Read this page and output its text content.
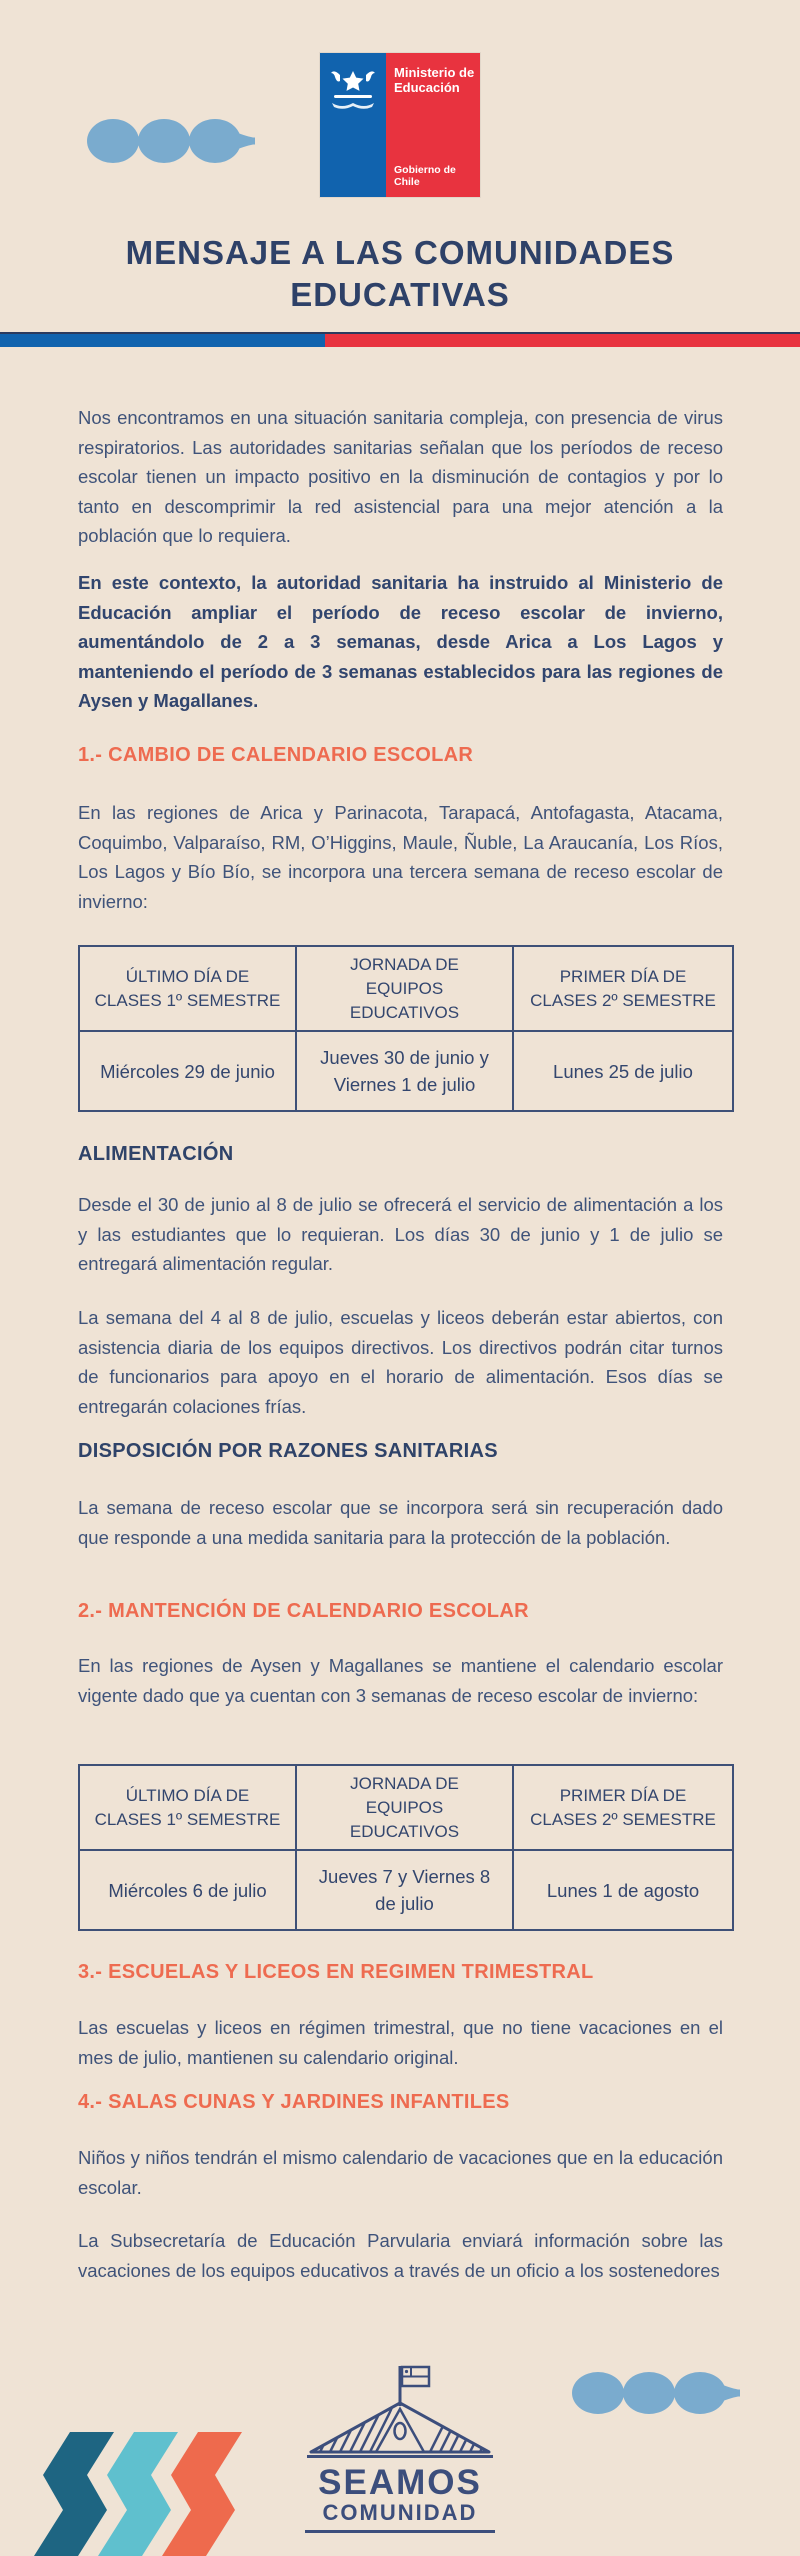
Ministerio de
Educación
Gobierno de Chile
MENSAJE A LAS COMUNIDADES
EDUCATIVAS

Nos encontramos en una situación sanitaria compleja, con presencia de virus respiratorios. Las autoridades sanitarias señalan que los períodos de receso escolar tienen un impacto positivo en la disminución de contagios y por lo tanto en descomprimir la red asistencial para una mejor atención a la población que lo requiera.

En este contexto, la autoridad sanitaria ha instruido al Ministerio de Educación ampliar el período de receso escolar de invierno, aumentándolo de 2 a 3 semanas, desde Arica a Los Lagos y manteniendo el período de 3 semanas establecidos para las regiones de Aysen y Magallanes.

1.- CAMBIO DE CALENDARIO ESCOLAR

En las regiones de Arica y Parinacota, Tarapacá, Antofagasta, Atacama, Coquimbo, Valparaíso, RM, O’Higgins, Maule, Ñuble, La Araucanía, Los Ríos, Los Lagos y Bío Bío, se incorpora una tercera semana de receso escolar de invierno:

ÚLTIMO DÍA DE CLASES 1º SEMESTRE	JORNADA DE EQUIPOS EDUCATIVOS	PRIMER DÍA DE CLASES 2º SEMESTRE
Miércoles 29 de junio	Jueves 30 de junio y Viernes 1 de julio	Lunes 25 de julio
ALIMENTACIÓN

Desde el 30 de junio al 8 de julio se ofrecerá el servicio de alimentación a los y las estudiantes que lo requieran. Los días 30 de junio y 1 de julio se entregará alimentación regular.

La semana del 4 al 8 de julio, escuelas y liceos deberán estar abiertos, con asistencia diaria de los equipos directivos. Los directivos podrán citar turnos de funcionarios para apoyo en el horario de alimentación. Esos días se entregarán colaciones frías.

DISPOSICIÓN POR RAZONES SANITARIAS

La semana de receso escolar que se incorpora será sin recuperación dado que responde a una medida sanitaria para la protección de la población.

2.- MANTENCIÓN DE CALENDARIO ESCOLAR

En las regiones de Aysen y Magallanes se mantiene el calendario escolar vigente dado que ya cuentan con 3 semanas de receso escolar de invierno:

ÚLTIMO DÍA DE CLASES 1º SEMESTRE	JORNADA DE EQUIPOS EDUCATIVOS	PRIMER DÍA DE CLASES 2º SEMESTRE
Miércoles 6 de julio	Jueves 7 y Viernes 8 de julio	Lunes 1 de agosto
3.- ESCUELAS Y LICEOS EN REGIMEN TRIMESTRAL

Las escuelas y liceos en régimen trimestral, que no tiene vacaciones en el mes de julio, mantienen su calendario original.

4.- SALAS CUNAS Y JARDINES INFANTILES

Niños y niños tendrán el mismo calendario de vacaciones que en la educación escolar.

La Subsecretaría de Educación Parvularia enviará información sobre las vacaciones de los equipos educativos a través de un oficio a los sostenedores

SEAMOS
COMUNIDAD
